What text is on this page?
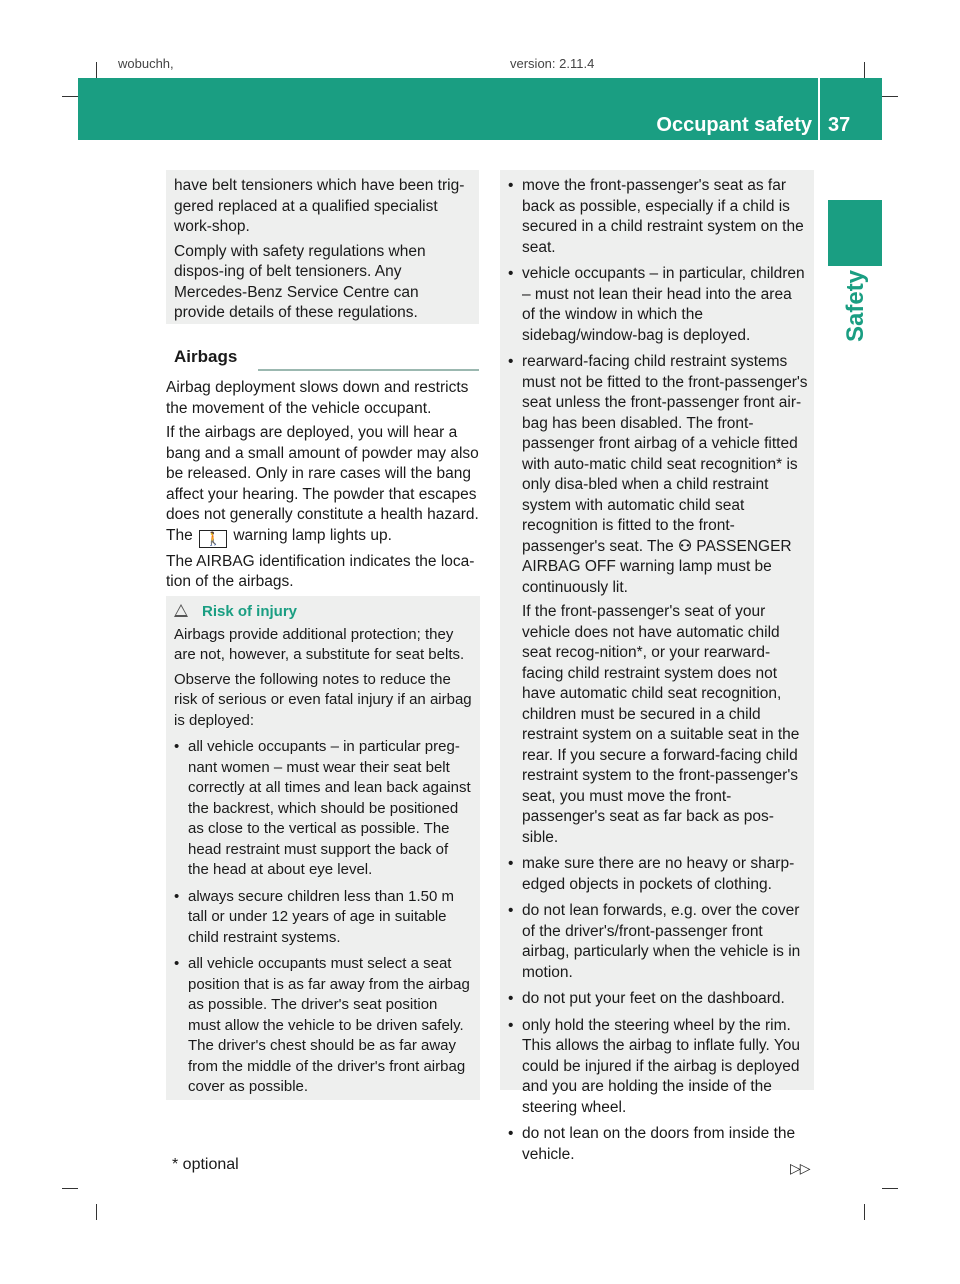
wobuchh,	version: 2.11.4
Occupant safety 37
Safety

have belt tensioners which have been trig-gered replaced at a qualified specialist work-shop.

Comply with safety regulations when dispos-ing of belt tensioners. Any Mercedes-Benz Service Centre can provide details of these regulations.

Airbags

Airbag deployment slows down and restricts the movement of the vehicle occupant.

If the airbags are deployed, you will hear a bang and a small amount of powder may also be released. Only in rare cases will the bang affect your hearing. The powder that escapes does not generally constitute a health hazard. The 🚶 warning lamp lights up.

The AIRBAG identification indicates the loca-tion of the airbags.

Risk of injury

Airbags provide additional protection; they are not, however, a substitute for seat belts.

Observe the following notes to reduce the risk of serious or even fatal injury if an airbag is deployed:

• all vehicle occupants – in particular preg-nant women – must wear their seat belt correctly at all times and lean back against the backrest, which should be positioned as close to the vertical as possible. The head restraint must support the back of the head at about eye level.

• always secure children less than 1.50 m tall or under 12 years of age in suitable child restraint systems.

• all vehicle occupants must select a seat position that is as far away from the airbag as possible. The driver's seat position must allow the vehicle to be driven safely. The driver's chest should be as far away from the middle of the driver's front airbag cover as possible.

• move the front-passenger's seat as far back as possible, especially if a child is secured in a child restraint system on the seat.

• vehicle occupants – in particular, children – must not lean their head into the area of the window in which the sidebag/window-bag is deployed.

• rearward-facing child restraint systems must not be fitted to the front-passenger's seat unless the front-passenger front air-bag has been disabled. The front-passenger front airbag of a vehicle fitted with auto-matic child seat recognition* is only disa-bled when a child restraint system with automatic child seat recognition is fitted to the front-passenger's seat. The ⚇ PASSENGER AIRBAG OFF warning lamp must be continuously lit.

If the front-passenger's seat of your vehicle does not have automatic child seat recog-nition*, or your rearward-facing child restraint system does not have automatic child seat recognition, children must be secured in a child restraint system on a suitable seat in the rear. If you secure a forward-facing child restraint system to the front-passenger's seat, you must move the front-passenger's seat as far back as pos-sible.

• make sure there are no heavy or sharp-edged objects in pockets of clothing.

• do not lean forwards, e.g. over the cover of the driver's/front-passenger front airbag, particularly when the vehicle is in motion.

• do not put your feet on the dashboard.

• only hold the steering wheel by the rim. This allows the airbag to inflate fully. You could be injured if the airbag is deployed and you are holding the inside of the steering wheel.

• do not lean on the doors from inside the vehicle.

* optional	▷▷
